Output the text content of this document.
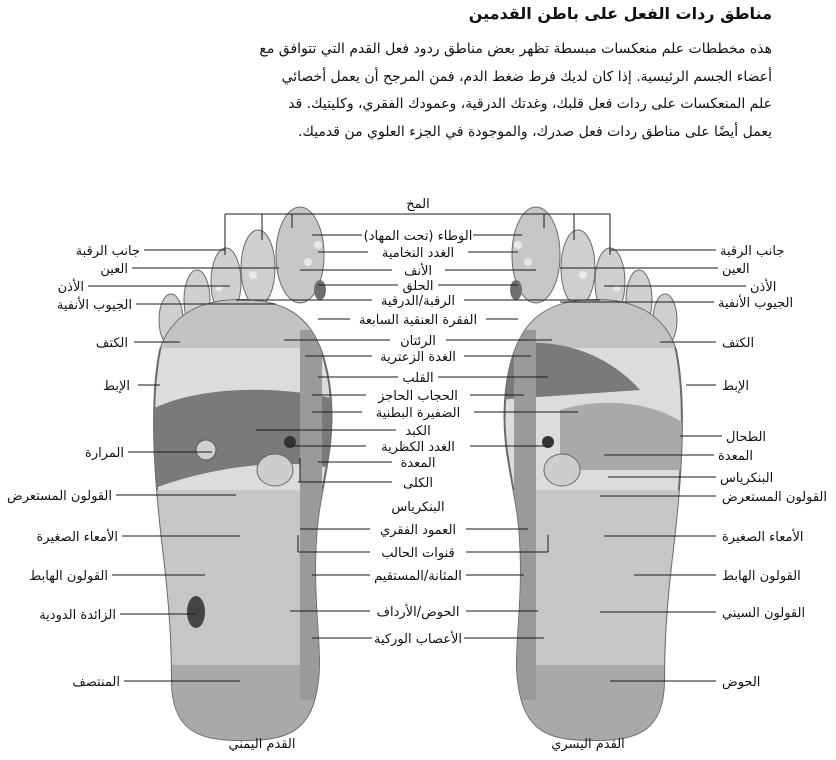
مناطق ردات الفعل على باطن القدمين
هذه مخططات علم منعكسات مبسطة تظهر بعض مناطق ردود فعل القدم التي تتوافق مع
أعضاء الجسم الرئيسية. إذا كان لديك فرط ضغط الدم، فمن المرجح أن يعمل أخصائي
علم المنعكسات على ردات فعل قلبك، وغدتك الدرقية، وعمودك الفقري، وكليتيك. قد
يعمل أيضًا على مناطق ردات فعل صدرك، والموجودة في الجزء العلوي من قدميك.
المخ
الوطاء (تحت المهاد)
الغدد النخامية
الأنف
الحلق
الرقبة/الدرقية
الفقرة العنقية السابعة
الرئتان
الغدة الزعترية
القلب
الحجاب الحاجز
الضفيرة البطنية
الكبد
الغدد الكظرية
المعدة
الكلى
البنكرياس
العمود الفقري
قنوات الحالب
المثانة/المستقيم
الحوض/الأرداف
الأعصاب الوركية
جانب الرقبة
العين
الأذن
الجيوب الأنفية
الكتف
الإبط
المرارة
القولون المستعرض
الأمعاء الصغيرة
القولون الهابط
الزائدة الدودية
المنتصف
جانب الرقبة
العين
الأذن
الجيوب الأنفية
الكتف
الإبط
الطحال
المعدة
البنكرياس
القولون المستعرض
الأمعاء الصغيرة
القولون الهابط
القولون السيني
الحوض
القدم اليمني	القدم اليسري
